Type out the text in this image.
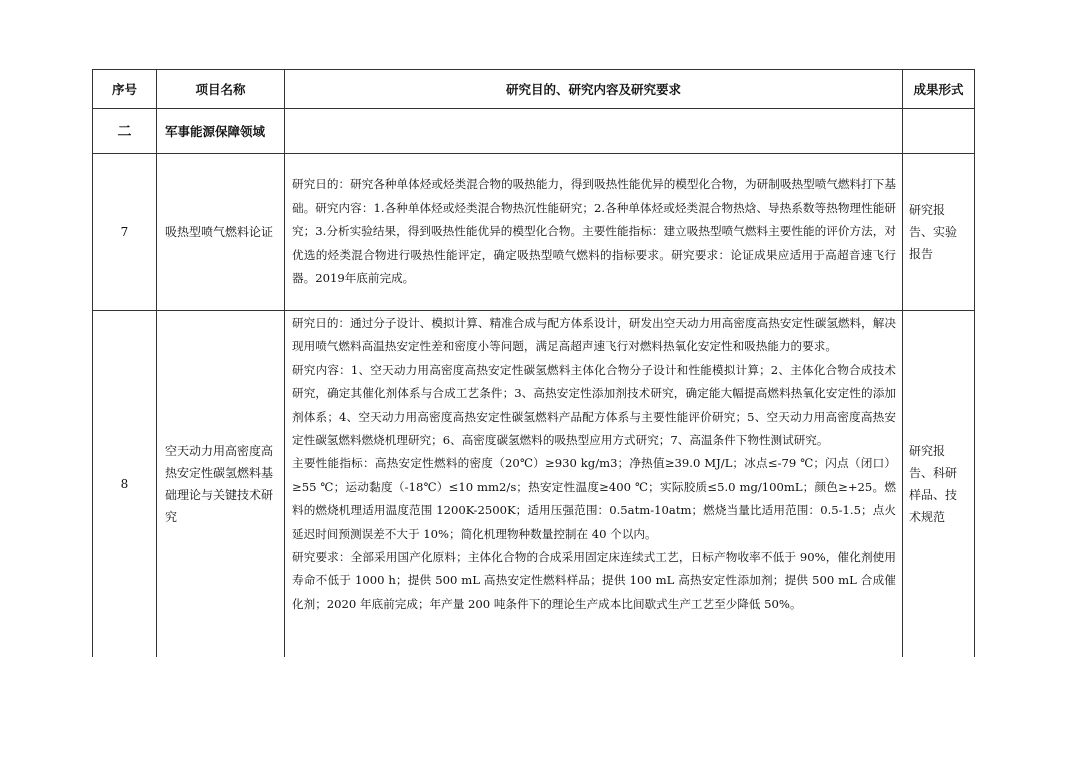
序号	项目名称	研究目的、研究内容及研究要求	成果形式
二	军事能源保障领域		
7	吸热型喷气燃料论证	研究日的：研究各种单体烃或烃类混合物的吸热能力，得到吸热性能优异的模型化合物，为研制吸热型喷气燃料打下基础。研究内容：1.各种单体烃或烃类混合物热沉性能研究；2.各种单体烃或烃类混合物热焓、导热系数等热物理性能研究；3.分析实验结果，得到吸热性能优异的模型化合物。主要性能指标：建立吸热型喷气燃料主要性能的评价方法，对优选的烃类混合物进行吸热性能评定，确定吸热型喷气燃料的指标要求。研究要求：论证成果应适用于高超音速飞行器。2019年底前完成。	研究报告、实验报告
8	空天动力用高密度高热安定性碳氢燃料基础理论与关键技术研究	研究日的：通过分子设计、模拟计算、精准合成与配方体系设计，研发出空天动力用高密度高热安定性碳氢燃料，解决现用喷气燃料高温热安定性差和密度小等问题，满足高超声速飞行对燃料热氧化安定性和吸热能力的要求。

研究内容：1、空天动力用高密度高热安定性碳氢燃料主体化合物分子设计和性能模拟计算；2、主体化合物合成技术研究，确定其催化剂体系与合成工艺条件；3、高热安定性添加剂技术研究，确定能大幅提高燃料热氧化安定性的添加剂体系；4、空天动力用高密度高热安定性碳氢燃料产品配方体系与主要性能评价研究；5、空天动力用高密度高热安定性碳氢燃料燃烧机理研究；6、高密度碳氢燃料的吸热型应用方式研究；7、高温条件下物性测试研究。

主要性能指标：高热安定性燃料的密度（20℃）≥930 kg/m3；净热值≥39.0 MJ/L；冰点≤-79 ℃；闪点（闭口）≥55 ℃；运动黏度（-18℃）≤10 mm2/s；热安定性温度≥400 ℃；实际胶质≤5.0 mg/100mL；颜色≥+25。燃料的燃烧机理适用温度范围 1200K-2500K；适用压强范围：0.5atm-10atm；燃烧当量比适用范围：0.5-1.5；点火延迟时间预测误差不大于 10%；简化机理物种数量控制在 40 个以内。

研究要求：全部采用国产化原料；主体化合物的合成采用固定床连续式工艺，日标产物收率不低于 90%，催化剂使用寿命不低于 1000 h；提供 500 mL 高热安定性燃料样品；提供 100 mL 高热安定性添加剂；提供 500 mL 合成催化剂；2020 年底前完成；年产量 200 吨条件下的理论生产成本比间歇式生产工艺至少降低 50%。	研究报告、科研样品、技术规范
